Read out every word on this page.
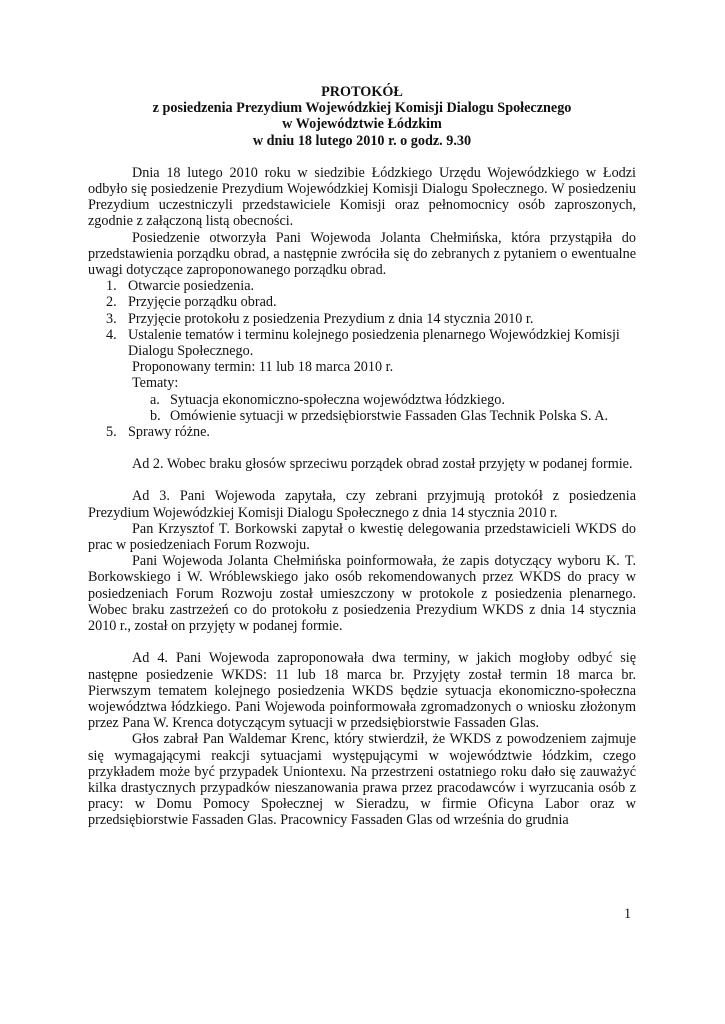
PROTOKÓŁ

z posiedzenia Prezydium Wojewódzkiej Komisji Dialogu Społecznego

w Województwie Łódzkim

w dniu 18 lutego 2010 r. o godz. 9.30

Dnia 18 lutego 2010 roku w siedzibie Łódzkiego Urzędu Wojewódzkiego w Łodzi odbyło się posiedzenie Prezydium Wojewódzkiej Komisji Dialogu Społecznego. W posiedzeniu Prezydium uczestniczyli przedstawiciele Komisji oraz pełnomocnicy osób zaproszonych, zgodnie z załączoną listą obecności.

Posiedzenie otworzyła Pani Wojewoda Jolanta Chełmińska, która przystąpiła do przedstawienia porządku obrad, a następnie zwróciła się do zebranych z pytaniem o ewentualne uwagi dotyczące zaproponowanego porządku obrad.

1. Otwarcie posiedzenia.
2. Przyjęcie porządku obrad.
3. Przyjęcie protokołu z posiedzenia Prezydium z dnia 14 stycznia 2010 r.
4. Ustalenie tematów i terminu kolejnego posiedzenia plenarnego Wojewódzkiej Komisji Dialogu Społecznego.
Proponowany termin: 11 lub 18 marca 2010 r.
Tematy:
a. Sytuacja ekonomiczno-społeczna województwa łódzkiego.
b. Omówienie sytuacji w przedsiębiorstwie Fassaden Glas Technik Polska S. A.
5. Sprawy różne.

Ad 2. Wobec braku głosów sprzeciwu porządek obrad został przyjęty w podanej formie.

Ad 3. Pani Wojewoda zapytała, czy zebrani przyjmują protokół z posiedzenia Prezydium Wojewódzkiej Komisji Dialogu Społecznego z dnia 14 stycznia 2010 r.

Pan Krzysztof T. Borkowski zapytał o kwestię delegowania przedstawicieli WKDS do prac w posiedzeniach Forum Rozwoju.

Pani Wojewoda Jolanta Chełmińska poinformowała, że zapis dotyczący wyboru K. T. Borkowskiego i W. Wróblewskiego jako osób rekomendowanych przez WKDS do pracy w posiedzeniach Forum Rozwoju został umieszczony w protokole z posiedzenia plenarnego. Wobec braku zastrzeżeń co do protokołu z posiedzenia Prezydium WKDS z dnia 14 stycznia 2010 r., został on przyjęty w podanej formie.

Ad 4. Pani Wojewoda zaproponowała dwa terminy, w jakich mogłoby odbyć się następne posiedzenie WKDS: 11 lub 18 marca br. Przyjęty został termin 18 marca br. Pierwszym tematem kolejnego posiedzenia WKDS będzie sytuacja ekonomiczno-społeczna województwa łódzkiego. Pani Wojewoda poinformowała zgromadzonych o wniosku złożonym przez Pana W. Krenca dotyczącym sytuacji w przedsiębiorstwie Fassaden Glas.

Głos zabrał Pan Waldemar Krenc, który stwierdził, że WKDS z powodzeniem zajmuje się wymagającymi reakcji sytuacjami występującymi w województwie łódzkim, czego przykładem może być przypadek Uniontexu. Na przestrzeni ostatniego roku dało się zauważyć kilka drastycznych przypadków nieszanowania prawa przez pracodawców i wyrzucania osób z pracy: w Domu Pomocy Społecznej w Sieradzu, w firmie Oficyna Labor oraz w przedsiębiorstwie Fassaden Glas. Pracownicy Fassaden Glas od września do grudnia

1
